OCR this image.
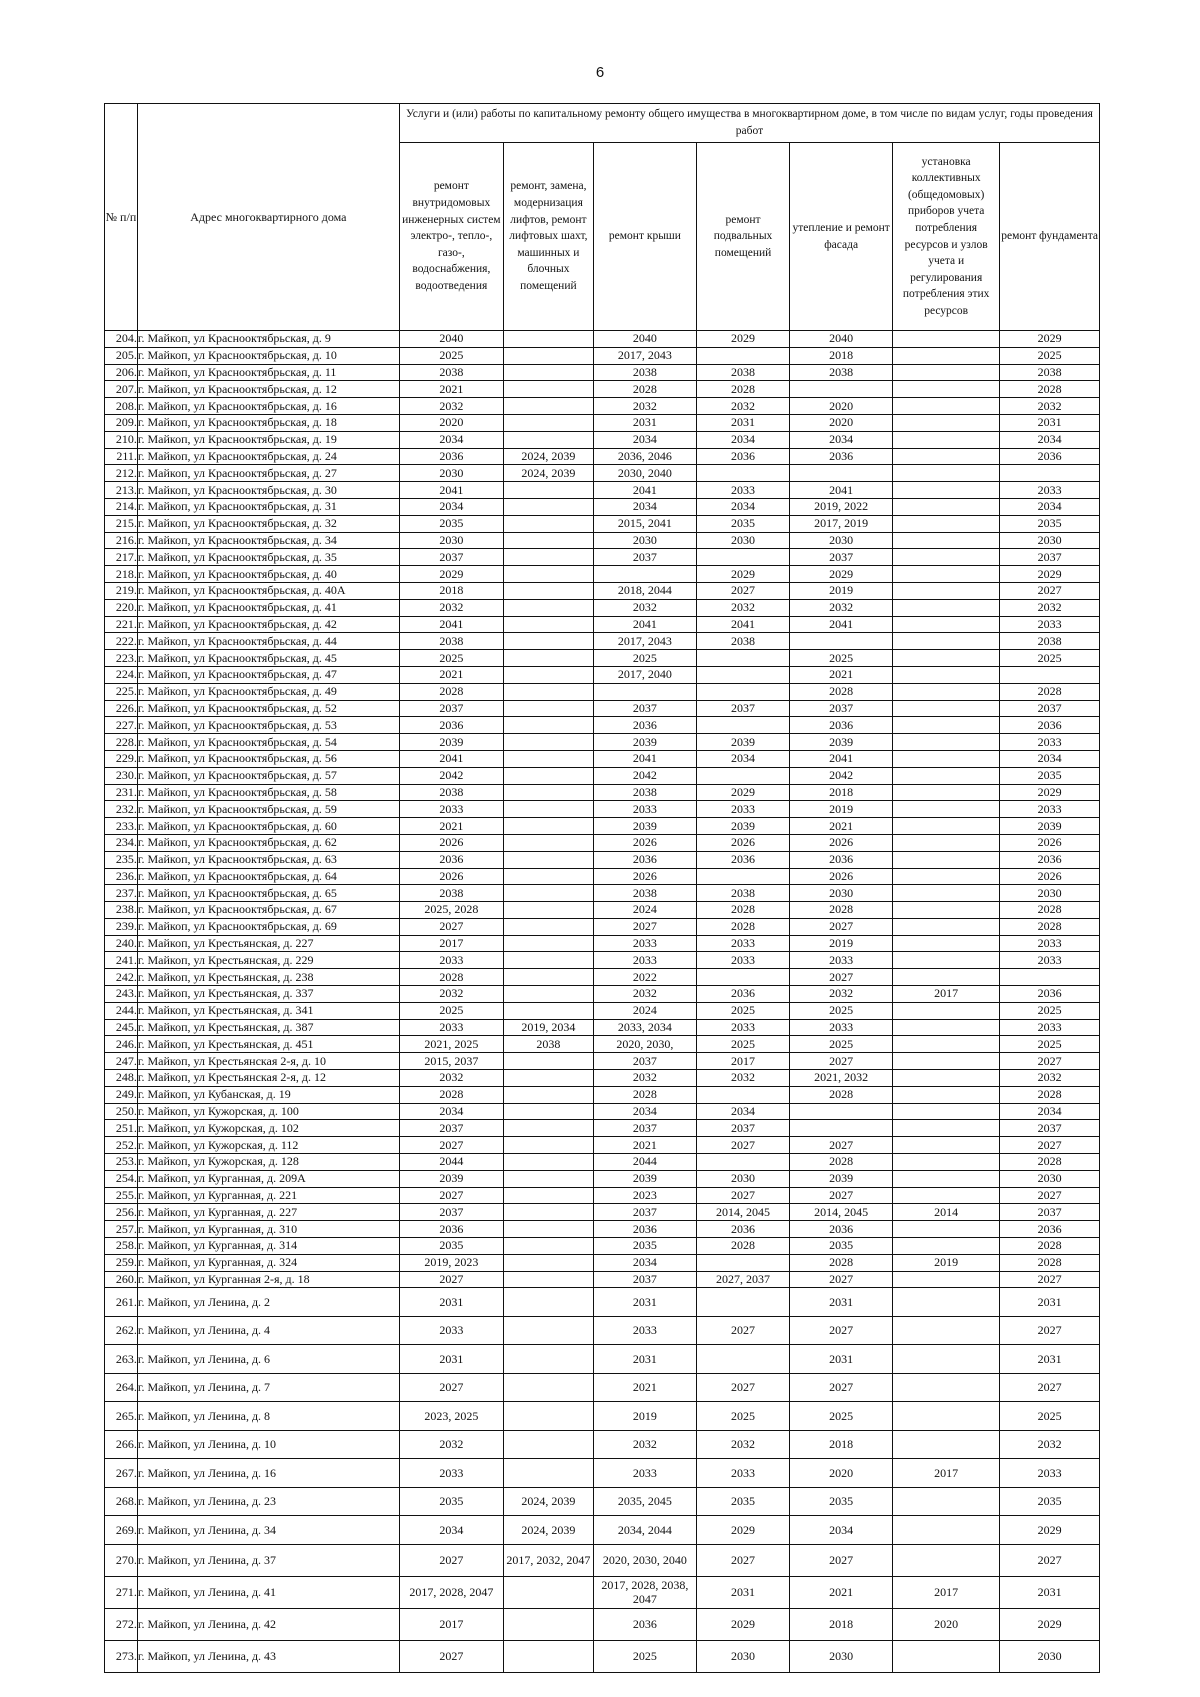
6
№ п/п	Адрес многоквартирного дома	Услуги и (или) работы по капитальному ремонту общего имущества в многоквартирном доме, в том числе по видам услуг, годы проведения работ						
		ремонт внутридомовых инженерных систем электро-, тепло-, газо-, водоснабжения, водоотведения	ремонт, замена, модернизация лифтов, ремонт лифтовых шахт, машинных и блочных помещений	ремонт крыши	ремонт подвальных помещений	утепление и ремонт фасада	установка коллективных (общедомовых) приборов учета потребления ресурсов и узлов учета и регулирования потребления этих ресурсов	ремонт фундамента
204.	г. Майкоп, ул Краснооктябрьская, д. 9	2040		2040	2029	2040		2029
205.	г. Майкоп, ул Краснооктябрьская, д. 10	2025		2017, 2043		2018		2025
206.	г. Майкоп, ул Краснооктябрьская, д. 11	2038		2038	2038	2038		2038
207.	г. Майкоп, ул Краснооктябрьская, д. 12	2021		2028	2028			2028
208.	г. Майкоп, ул Краснооктябрьская, д. 16	2032		2032	2032	2020		2032
209.	г. Майкоп, ул Краснооктябрьская, д. 18	2020		2031	2031	2020		2031
210.	г. Майкоп, ул Краснооктябрьская, д. 19	2034		2034	2034	2034		2034
211.	г. Майкоп, ул Краснооктябрьская, д. 24	2036	2024, 2039	2036, 2046	2036	2036		2036
212.	г. Майкоп, ул Краснооктябрьская, д. 27	2030	2024, 2039	2030, 2040				
213.	г. Майкоп, ул Краснооктябрьская, д. 30	2041		2041	2033	2041		2033
214.	г. Майкоп, ул Краснооктябрьская, д. 31	2034		2034	2034	2019, 2022		2034
215.	г. Майкоп, ул Краснооктябрьская, д. 32	2035		2015, 2041	2035	2017, 2019		2035
216.	г. Майкоп, ул Краснооктябрьская, д. 34	2030		2030	2030	2030		2030
217.	г. Майкоп, ул Краснооктябрьская, д. 35	2037		2037		2037		2037
218.	г. Майкоп, ул Краснооктябрьская, д. 40	2029			2029	2029		2029
219.	г. Майкоп, ул Краснооктябрьская, д. 40А	2018		2018, 2044	2027	2019		2027
220.	г. Майкоп, ул Краснооктябрьская, д. 41	2032		2032	2032	2032		2032
221.	г. Майкоп, ул Краснооктябрьская, д. 42	2041		2041	2041	2041		2033
222.	г. Майкоп, ул Краснооктябрьская, д. 44	2038		2017, 2043	2038			2038
223.	г. Майкоп, ул Краснооктябрьская, д. 45	2025		2025		2025		2025
224.	г. Майкоп, ул Краснооктябрьская, д. 47	2021		2017, 2040		2021		
225.	г. Майкоп, ул Краснооктябрьская, д. 49	2028				2028		2028
226.	г. Майкоп, ул Краснооктябрьская, д. 52	2037		2037	2037	2037		2037
227.	г. Майкоп, ул Краснооктябрьская, д. 53	2036		2036		2036		2036
228.	г. Майкоп, ул Краснооктябрьская, д. 54	2039		2039	2039	2039		2033
229.	г. Майкоп, ул Краснооктябрьская, д. 56	2041		2041	2034	2041		2034
230.	г. Майкоп, ул Краснооктябрьская, д. 57	2042		2042		2042		2035
231.	г. Майкоп, ул Краснооктябрьская, д. 58	2038		2038	2029	2018		2029
232.	г. Майкоп, ул Краснооктябрьская, д. 59	2033		2033	2033	2019		2033
233.	г. Майкоп, ул Краснооктябрьская, д. 60	2021		2039	2039	2021		2039
234.	г. Майкоп, ул Краснооктябрьская, д. 62	2026		2026	2026	2026		2026
235.	г. Майкоп, ул Краснооктябрьская, д. 63	2036		2036	2036	2036		2036
236.	г. Майкоп, ул Краснооктябрьская, д. 64	2026		2026		2026		2026
237.	г. Майкоп, ул Краснооктябрьская, д. 65	2038		2038	2038	2030		2030
238.	г. Майкоп, ул Краснооктябрьская, д. 67	2025, 2028		2024	2028	2028		2028
239.	г. Майкоп, ул Краснооктябрьская, д. 69	2027		2027	2028	2027		2028
240.	г. Майкоп, ул Крестьянская, д. 227	2017		2033	2033	2019		2033
241.	г. Майкоп, ул Крестьянская, д. 229	2033		2033	2033	2033		2033
242.	г. Майкоп, ул Крестьянская, д. 238	2028		2022		2027		
243.	г. Майкоп, ул Крестьянская, д. 337	2032		2032	2036	2032	2017	2036
244.	г. Майкоп, ул Крестьянская, д. 341	2025		2024	2025	2025		2025
245.	г. Майкоп, ул Крестьянская, д. 387	2033	2019, 2034	2033, 2034	2033	2033		2033
246.	г. Майкоп, ул Крестьянская, д. 451	2021, 2025	2038	2020, 2030,	2025	2025		2025
247.	г. Майкоп, ул Крестьянская 2-я, д. 10	2015, 2037		2037	2017	2027		2027
248.	г. Майкоп, ул Крестьянская 2-я, д. 12	2032		2032	2032	2021, 2032		2032
249.	г. Майкоп, ул Кубанская, д. 19	2028		2028		2028		2028
250.	г. Майкоп, ул Кужорская, д. 100	2034		2034	2034			2034
251.	г. Майкоп, ул Кужорская, д. 102	2037		2037	2037			2037
252.	г. Майкоп, ул Кужорская, д. 112	2027		2021	2027	2027		2027
253.	г. Майкоп, ул Кужорская, д. 128	2044		2044		2028		2028
254.	г. Майкоп, ул Курганная, д. 209А	2039		2039	2030	2039		2030
255.	г. Майкоп, ул Курганная, д. 221	2027		2023	2027	2027		2027
256.	г. Майкоп, ул Курганная, д. 227	2037		2037	2014, 2045	2014, 2045	2014	2037
257.	г. Майкоп, ул Курганная, д. 310	2036		2036	2036	2036		2036
258.	г. Майкоп, ул Курганная, д. 314	2035		2035	2028	2035		2028
259.	г. Майкоп, ул Курганная, д. 324	2019, 2023		2034		2028	2019	2028
260.	г. Майкоп, ул Курганная 2-я, д. 18	2027		2037	2027, 2037	2027		2027
261.	г. Майкоп, ул Ленина, д. 2	2031		2031		2031		2031
262.	г. Майкоп, ул Ленина, д. 4	2033		2033	2027	2027		2027
263.	г. Майкоп, ул Ленина, д. 6	2031		2031		2031		2031
264.	г. Майкоп, ул Ленина, д. 7	2027		2021	2027	2027		2027
265.	г. Майкоп, ул Ленина, д. 8	2023, 2025		2019	2025	2025		2025
266.	г. Майкоп, ул Ленина, д. 10	2032		2032	2032	2018		2032
267.	г. Майкоп, ул Ленина, д. 16	2033		2033	2033	2020	2017	2033
268.	г. Майкоп, ул Ленина, д. 23	2035	2024, 2039	2035, 2045	2035	2035		2035
269.	г. Майкоп, ул Ленина, д. 34	2034	2024, 2039	2034, 2044	2029	2034		2029
270.	г. Майкоп, ул Ленина, д. 37	2027	2017, 2032, 2047	2020, 2030, 2040	2027	2027		2027
271.	г. Майкоп, ул Ленина, д. 41	2017, 2028, 2047		2017, 2028, 2038, 2047	2031	2021	2017	2031
272.	г. Майкоп, ул Ленина, д. 42	2017		2036	2029	2018	2020	2029
273.	г. Майкоп, ул Ленина, д. 43	2027		2025	2030	2030		2030
